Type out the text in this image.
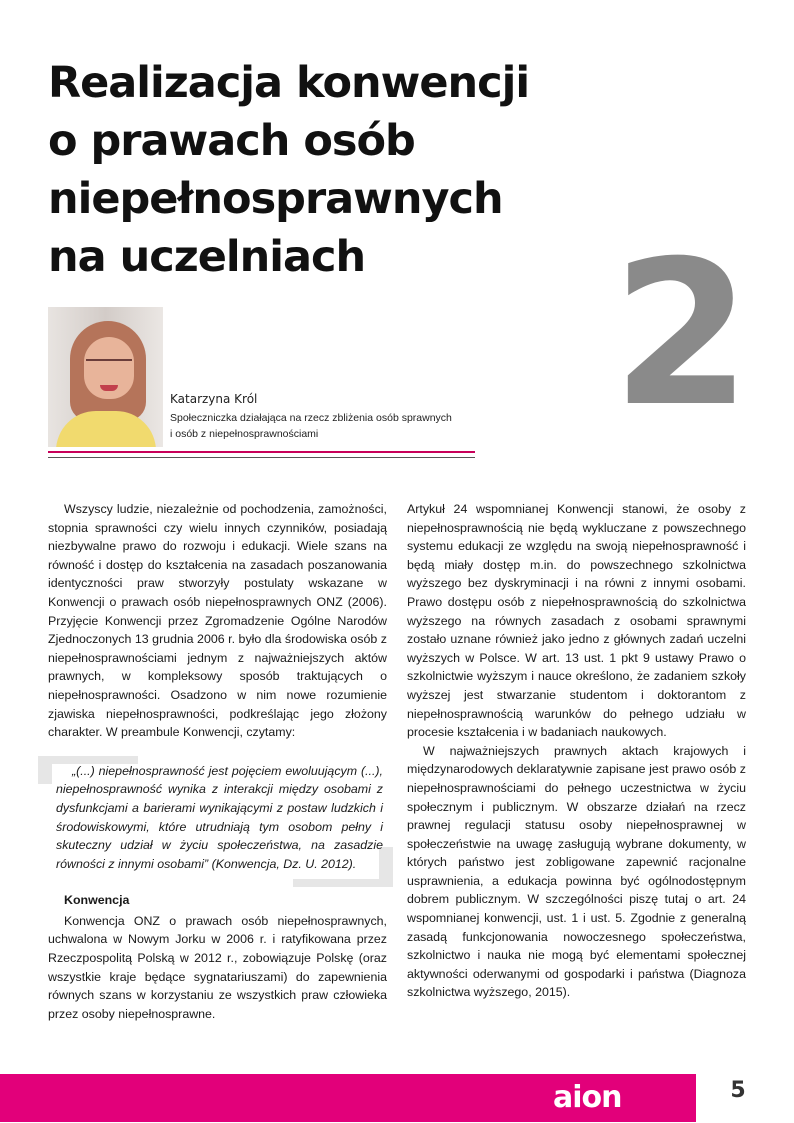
Realizacja konwencji
o prawach osób
niepełnosprawnych
na uczelniach	2
Katarzyna Król
Społeczniczka działająca na rzecz zbliżenia osób sprawnych
i osób z niepełnosprawnościami

Wszyscy ludzie, niezależnie od pochodzenia, zamożności, stopnia sprawności czy wielu innych czynników, posiadają niezbywalne prawo do rozwoju i edukacji. Wiele szans na równość i dostęp do kształcenia na zasadach poszanowania identyczności praw stworzyły postulaty wskazane w Konwencji o prawach osób niepełnosprawnych ONZ (2006). Przyjęcie Konwencji przez Zgromadzenie Ogólne Narodów Zjednoczonych 13 grudnia 2006 r. było dla środowiska osób z niepełnosprawnościami jednym z najważniejszych aktów prawnych, w kompleksowy sposób traktujących o niepełnosprawności. Osadzono w nim nowe rozumienie zjawiska niepełnosprawności, podkreślając jego złożony charakter. W preambule Konwencji, czytamy:

„(...) niepełnosprawność jest pojęciem ewoluującym (...), niepełnosprawność wynika z interakcji między osobami z dysfunkcjami a barierami wynikającymi z postaw ludzkich i środowiskowymi, które utrudniają tym osobom pełny i skuteczny udział w życiu społeczeństwa, na zasadzie równości z innymi osobami” (Konwencja, Dz. U. 2012).
Konwencja

Konwencja ONZ o prawach osób niepełnosprawnych, uchwalona w Nowym Jorku w 2006 r. i ratyfikowana przez Rzeczpospolitą Polską w 2012 r., zobowiązuje Polskę (oraz wszystkie kraje będące sygnatariuszami) do zapewnienia równych szans w korzystaniu ze wszystkich praw człowieka przez osoby niepełnosprawne.

Artykuł 24 wspomnianej Konwencji stanowi, że osoby z niepełnosprawnością nie będą wykluczane z powszechnego systemu edukacji ze względu na swoją niepełnosprawność i będą miały dostęp m.in. do powszechnego szkolnictwa wyższego bez dyskryminacji i na równi z innymi osobami. Prawo dostępu osób z niepełnosprawnością do szkolnictwa wyższego na równych zasadach z osobami sprawnymi zostało uznane również jako jedno z głównych zadań uczelni wyższych w Polsce. W art. 13 ust. 1 pkt 9 ustawy Prawo o szkolnictwie wyższym i nauce określono, że zadaniem szkoły wyższej jest stwarzanie studentom i doktorantom z niepełnosprawnością warunków do pełnego udziału w procesie kształcenia i w badaniach naukowych.

W najważniejszych prawnych aktach krajowych i międzynarodowych deklaratywnie zapisane jest prawo osób z niepełnosprawnościami do pełnego uczestnictwa w życiu społecznym i publicznym. W obszarze działań na rzecz prawnej regulacji statusu osoby niepełnosprawnej w społeczeństwie na uwagę zasługują wybrane dokumenty, w których państwo jest zobligowane zapewnić racjonalne usprawnienia, a edukacja powinna być ogólnodostępnym dobrem publicznym. W szczególności piszę tutaj o art. 24 wspomnianej konwencji, ust. 1 i ust. 5. Zgodnie z generalną zasadą funkcjonowania nowoczesnego społeczeństwa, szkolnictwo i nauka nie mogą być elementami społecznej aktywności oderwanymi od gospodarki i państwa (Diagnoza szkolnictwa wyższego, 2015).

aion	5
